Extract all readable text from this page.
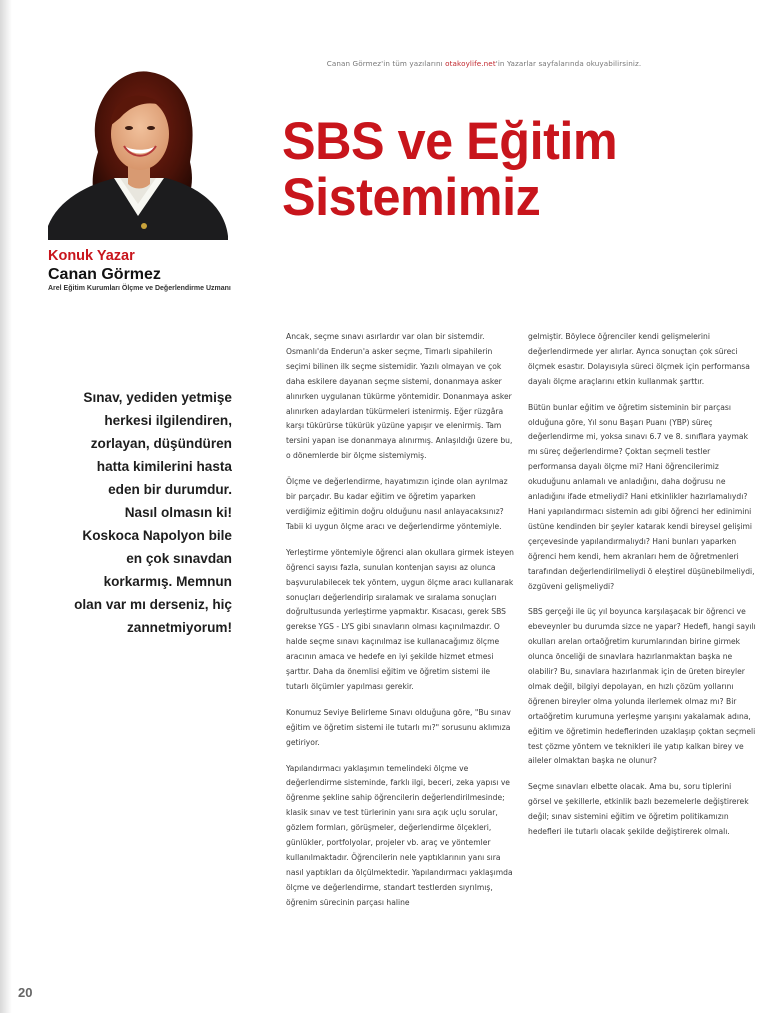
Canan Görmez'in tüm yazılarını otakoylife.net'in Yazarlar sayfalarında okuyabilirsiniz.
SBS ve Eğitim
Sistemimiz
Konuk Yazar
Canan Görmez
Arel Eğitim Kurumları Ölçme ve Değerlendirme Uzmanı
Sınav, yediden yetmişe herkesi ilgilendiren, zorlayan, düşündüren hatta kimilerini hasta eden bir durumdur. Nasıl olmasın ki! Koskoca Napolyon bile en çok sınavdan korkarmış. Memnun olan var mı derseniz, hiç zannetmiyorum!

Ancak, seçme sınavı asırlardır var olan bir sistemdir. Osmanlı'da Enderun'a asker seçme, Timarlı sipahilerin seçimi bilinen ilk seçme sistemidir. Yazılı olmayan ve çok daha eskilere dayanan seçme sistemi, donanmaya asker alınırken uygulanan tükürme yöntemidir. Donanmaya asker alınırken adaylardan tükürmeleri istenirmiş. Eğer rüzgâra karşı tükürürse tükürük yüzüne yapışır ve elenirmiş. Tam tersini yapan ise donanmaya alınırmış. Anlaşıldığı üzere bu, o dönemlerde bir ölçme sistemiymiş.

Ölçme ve değerlendirme, hayatımızın içinde olan ayrılmaz bir parçadır. Bu kadar eğitim ve öğretim yaparken verdiğimiz eğitimin doğru olduğunu nasıl anlayacaksınız? Tabii ki uygun ölçme aracı ve değerlendirme yöntemiyle.

Yerleştirme yöntemiyle öğrenci alan okullara girmek isteyen öğrenci sayısı fazla, sunulan kontenjan sayısı az olunca başvurulabilecek tek yöntem, uygun ölçme aracı kullanarak sonuçları değerlendirip sıralamak ve sıralama sonuçları doğrultusunda yerleştirme yapmaktır. Kısacası, gerek SBS gerekse YGS - LYS gibi sınavların olması kaçınılmazdır. O halde seçme sınavı kaçınılmaz ise kullanacağımız ölçme aracının amaca ve hedefe en iyi şekilde hizmet etmesi şarttır. Daha da önemlisi eğitim ve öğretim sistemi ile tutarlı ölçümler yapılması gerekir.

Konumuz Seviye Belirleme Sınavı olduğuna göre, "Bu sınav eğitim ve öğretim sistemi ile tutarlı mı?" sorusunu aklımıza getiriyor.

Yapılandırmacı yaklaşımın temelindeki ölçme ve değerlendirme sisteminde, farklı ilgi, beceri, zeka yapısı ve öğrenme şekline sahip öğrencilerin değerlendirilmesinde; klasik sınav ve test türlerinin yanı sıra açık uçlu sorular, gözlem formları, görüşmeler, değerlendirme ölçekleri, günlükler, portfolyolar, projeler vb. araç ve yöntemler kullanılmaktadır. Öğrencilerin nele yaptıklarının yanı sıra nasıl yaptıkları da ölçülmektedir. Yapılandırmacı yaklaşımda ölçme ve değerlendirme, standart testlerden sıyrılmış, öğrenim sürecinin parçası haline

gelmiştir. Böylece öğrenciler kendi gelişmelerini değerlendirmede yer alırlar. Ayrıca sonuçtan çok süreci ölçmek esastır. Dolayısıyla süreci ölçmek için performansa dayalı ölçme araçlarını etkin kullanmak şarttır.

Bütün bunlar eğitim ve öğretim sisteminin bir parçası olduğuna göre, Yıl sonu Başarı Puanı (YBP) süreç değerlendirme mi, yoksa sınavı 6.7 ve 8. sınıflara yaymak mı süreç değerlendirme? Çoktan seçmeli testler performansa dayalı ölçme mi? Hani öğrencilerimiz okuduğunu anlamalı ve anladığını, daha doğrusu ne anladığını ifade etmeliydi? Hani etkinlikler hazırlamalıydı? Hani yapılandırmacı sistemin adı gibi öğrenci her edinimini üstüne kendinden bir şeyler katarak kendi bireysel gelişimi çerçevesinde yapılandırmalıydı? Hani bunları yaparken öğrenci hem kendi, hem akranları hem de öğretmenleri tarafından değerlendirilmeliydi ö eleştirel düşünebilmeliydi, özgüveni gelişmeliydi?

SBS gerçeği ile üç yıl boyunca karşılaşacak bir öğrenci ve ebeveynler bu durumda sizce ne yapar? Hedefi, hangi sayılı okulları arelan ortaöğretim kurumlarından birine girmek olunca önceliği de sınavlara hazırlanmaktan başka ne olabilir? Bu, sınavlara hazırlanmak için de üreten bireyler olmak değil, bilgiyi depolayan, en hızlı çözüm yollarını öğrenen bireyler olma yolunda ilerlemek olmaz mı? Bir ortaöğretim kurumuna yerleşme yarışını yakalamak adına, eğitim ve öğretimin hedeflerinden uzaklaşıp çoktan seçmeli test çözme yöntem ve teknikleri ile yatıp kalkan birey ve aileler olmaktan başka ne olunur?

Seçme sınavları elbette olacak. Ama bu, soru tiplerini görsel ve şekillerle, etkinlik bazlı bezemelerle değiştirerek değil; sınav sistemini eğitim ve öğretim politikamızın hedefleri ile tutarlı olacak şekilde değiştirerek olmalı.

20
